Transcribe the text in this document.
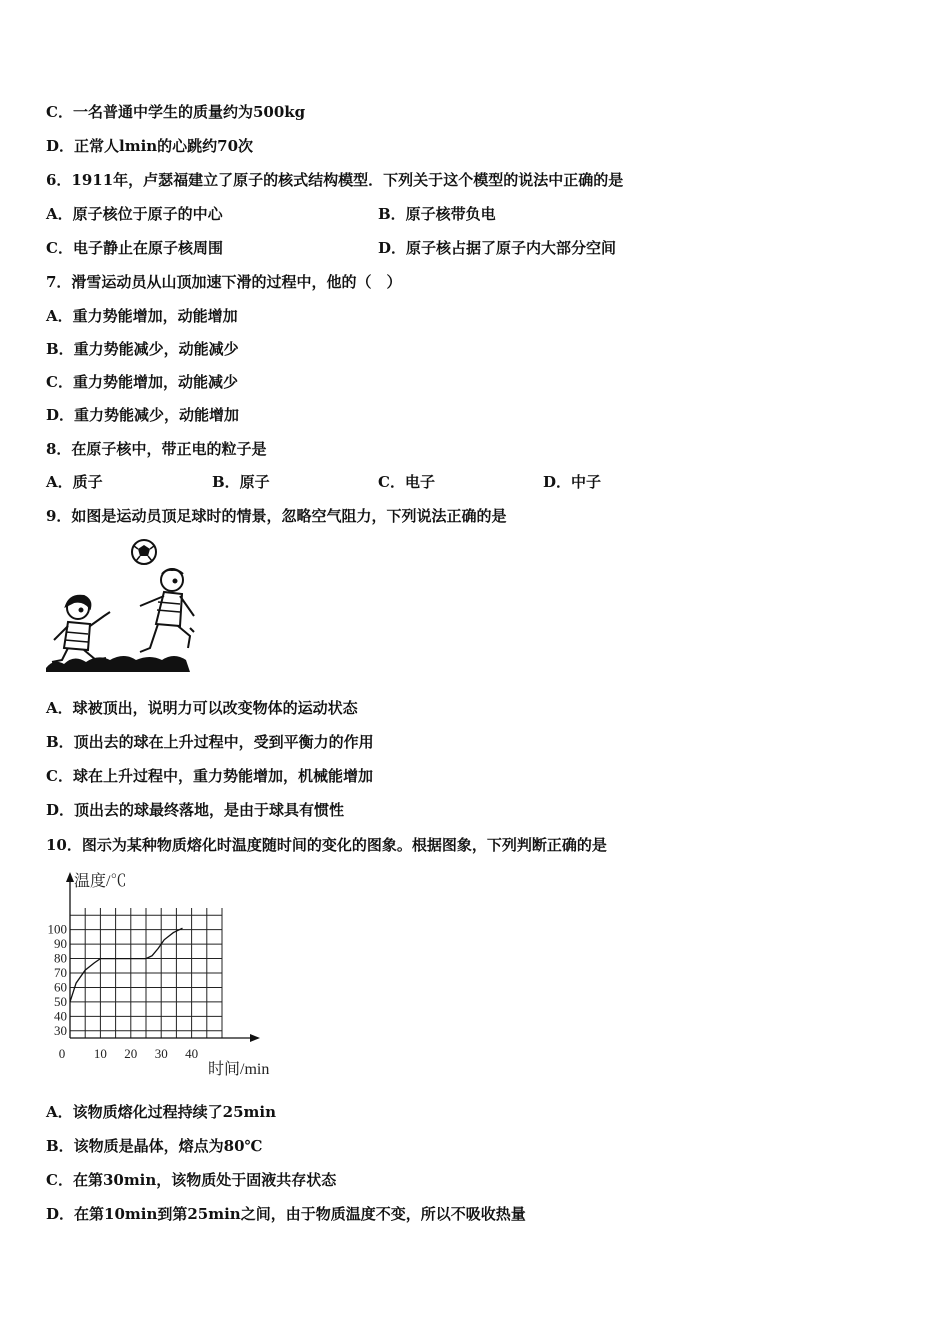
C．一名普通中学生的质量约为500kg
D．正常人lmin的心跳约70次
6．1911年，卢瑟福建立了原子的核式结构模型．下列关于这个模型的说法中正确的是
A．原子核位于原子的中心	B．原子核带负电
C．电子静止在原子核周围	D．原子核占据了原子内大部分空间
7．滑雪运动员从山顶加速下滑的过程中，他的（　）
A．重力势能增加，动能增加
B．重力势能减少，动能减少
C．重力势能增加，动能减少
D．重力势能减少，动能增加
8．在原子核中，带正电的粒子是
A．质子	B．原子	C．电子	D．中子
9．如图是运动员顶足球时的情景，忽略空气阻力，下列说法正确的是
A．球被顶出，说明力可以改变物体的运动状态
B．顶出去的球在上升过程中，受到平衡力的作用
C．球在上升过程中，重力势能增加，机械能增加
D．顶出去的球最终落地，是由于球具有惯性
10．图示为某种物质熔化时温度随时间的变化的图象。根据图象，下列判断正确的是
30
40
50
60
70
80
90
100
0 10 20 30 40
温度/℃
时间/min
A．该物质熔化过程持续了25min
B．该物质是晶体，熔点为80℃
C．在第30min，该物质处于固液共存状态
D．在第10min到第25min之间，由于物质温度不变，所以不吸收热量
